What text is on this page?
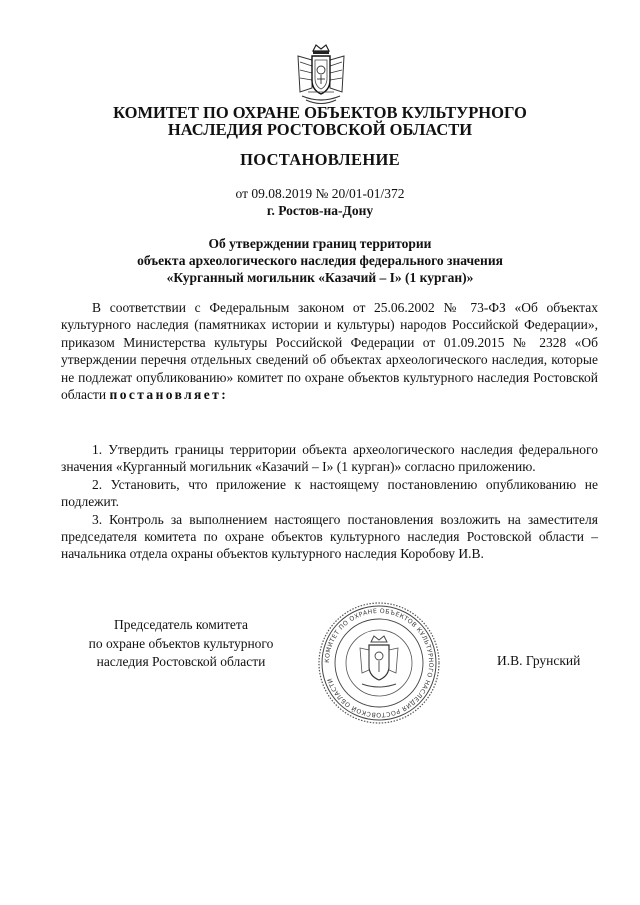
КОМИТЕТ ПО ОХРАНЕ ОБЪЕКТОВ КУЛЬТУРНОГО
НАСЛЕДИЯ РОСТОВСКОЙ ОБЛАСТИ
ПОСТАНОВЛЕНИЕ
от 09.08.2019 № 20/01-01/372
г. Ростов-на-Дону
Об утверждении границ территории
объекта археологического наследия федерального значения
«Курганный могильник «Казачий – I» (1 курган)»

В соответствии с Федеральным законом от 25.06.2002 № 73-ФЗ «Об объектах культурного наследия (памятниках истории и культуры) народов Российской Федерации», приказом Министерства культуры Российской Федерации от 01.09.2015 № 2328 «Об утверждении перечня отдельных сведений об объектах археологического наследия, которые не подлежат опубликованию» комитет по охране объектов культурного наследия Ростовской области постановляет:

1. Утвердить границы территории объекта археологического наследия федерального значения «Курганный могильник «Казачий – I» (1 курган)» согласно приложению.

2. Установить, что приложение к настоящему постановлению опубликованию не подлежит.

3. Контроль за выполнением настоящего постановления возложить на заместителя председателя комитета по охране объектов культурного наследия Ростовской области – начальника отдела охраны объектов культурного наследия Коробову И.В.

Председатель комитета
по охране объектов культурного
наследия Ростовской области	КОМИТЕТ ПО ОХРАНЕ ОБЪЕКТОВ КУЛЬТУРНОГО НАСЛЕДИЯ РОСТОВСКОЙ ОБЛАСТИ
И.В. Грунский
